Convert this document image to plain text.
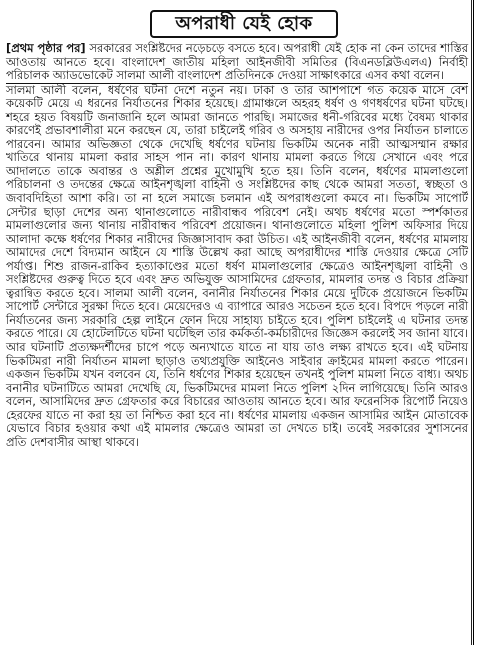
অপরাধী যেই হোক

[প্রথম পৃষ্ঠার পর] সরকারের সংশ্লিষ্টদের নড়েচড়ে বসতে হবে। অপরাধী যেই হোক না কেন তাদের শাস্তির আওতায় আনতে হবে। বাংলাদেশ জাতীয় মহিলা আইনজীবী সমিতির (বিএনডব্লিউএলএ) নির্বাহী পরিচালক অ্যাডভোকেট সালমা আলী বাংলাদেশ প্রতিদিনকে দেওয়া সাক্ষাৎকারে এসব কথা বলেন।

সালমা আলী বলেন, ধর্ষণের ঘটনা দেশে নতুন নয়। ঢাকা ও তার আশপাশে গত কয়েক মাসে বেশ কয়েকটি মেয়ে এ ধরনের নির্যাতনের শিকার হয়েছে। গ্রামাঞ্চলে অহরহ ধর্ষণ ও গণধর্ষণের ঘটনা ঘটছে। শহরে হয়ত বিষয়টি জনাজানি হলে আমরা জানতে পারছি। সমাজের ধনী-গরিবের মধ্যে বৈষম্য থাকার কারণেই প্রভাবশালীরা মনে করছেন যে, তারা চাইলেই গরিব ও অসহায় নারীদের ওপর নির্যাতন চালাতে পারবেন। আমার অভিজ্ঞতা থেকে দেখেছি ধর্ষণের ঘটনায় ভিকটিম অনেক নারী আত্মসম্মান রক্ষার খাতিরে থানায় মামলা করার সাহস পান না। কারণ থানায় মামলা করতে গিয়ে সেখানে এবং পরে আদালতে তাকে অবান্তর ও অশ্লীল প্রশ্নের মুখোমুখি হতে হয়। তিনি বলেন, ধর্ষণের মামলাগুলো পরিচালনা ও তদন্তের ক্ষেত্রে আইনশৃঙ্খলা বাহিনী ও সংশ্লিষ্টদের কাছ থেকে আমরা সততা, স্বচ্ছতা ও জবাবদিহিতা আশা করি। তা না হলে সমাজে চলমান এই অপরাধগুলো কমবে না। ভিকটিম সাপোর্ট সেন্টার ছাড়া দেশের অন্য থানাগুলোতে নারীবান্ধব পরিবেশ নেই। অথচ ধর্ষণের মতো স্পর্শকাতর মামলাগুলোর জন্য থানায় নারীবান্ধব পরিবেশ প্রয়োজন। থানাগুলোতে মহিলা পুলিশ অফিসার দিয়ে আলাদা কক্ষে ধর্ষণের শিকার নারীদের জিজ্ঞাসাবাদ করা উচিত। এই আইনজীবী বলেন, ধর্ষণের মামলায় আমাদের দেশে বিদ্যমান আইনে যে শাস্তি উল্লেখ করা আছে অপরাধীদের শাস্তি দেওয়ার ক্ষেত্রে সেটি পর্যাপ্ত। শিশু রাজন-রাকিব হত্যাকাণ্ডের মতো ধর্ষণ মামলাগুলোর ক্ষেত্রেও আইনশৃঙ্খলা বাহিনী ও সংশ্লিষ্টদের গুরুত্ব দিতে হবে এবং দ্রুত অভিযুক্ত আসামিদের গ্রেফতার, মামলার তদন্ত ও বিচার প্রক্রিয়া ত্বরান্বিত করতে হবে। সালমা আলী বলেন, বনানীর নির্যাতনের শিকার মেয়ে দুটিকে প্রয়োজনে ভিকটিম সাপোর্ট সেন্টারে সুরক্ষা দিতে হবে। মেয়েদেরও এ ব্যাপারে আরও সচেতন হতে হবে। বিপদে পড়লে নারী নির্যাতনের জন্য সরকারি হেল্প লাইনে ফোন দিয়ে সাহায্য চাইতে হবে। পুলিশ চাইলেই এ ঘটনার তদন্ত করতে পারে। যে হোটেলটিতে ঘটনা ঘটেছিল তার কর্মকর্তা-কর্মচারীদের জিজ্ঞেস করলেই সব জানা যাবে। আর ঘটনাটি প্রত্যক্ষদর্শীদের চাপে পড়ে অন্যখাতে যাতে না যায় তাও লক্ষ্য রাখতে হবে। এই ঘটনায় ভিকটিমরা নারী নির্যাতন মামলা ছাড়াও তথ্যপ্রযুক্তি আইনেও সাইবার ক্রাইমের মামলা করতে পারেন। একজন ভিকটিম যখন বলবেন যে, তিনি ধর্ষণের শিকার হয়েছেন তখনই পুলিশ মামলা নিতে বাধ্য। অথচ বনানীর ঘটনাটিতে আমরা দেখেছি যে, ভিকটিমদের মামলা নিতে পুলিশ ২দিন লাগিয়েছে। তিনি আরও বলেন, আসামিদের দ্রুত গ্রেফতার করে বিচারের আওতায় আনতে হবে। আর ফরেনসিক রিপোর্ট নিয়েও হেরফের যাতে না করা হয় তা নিশ্চিত করা হবে না। ধর্ষণের মামলায় একজন আসামির আইন মোতাবেক যেভাবে বিচার হওয়ার কথা এই মামলার ক্ষেত্রেও আমরা তা দেখতে চাই। তবেই সরকারের সুশাসনের প্রতি দেশবাসীর আস্থা থাকবে।
